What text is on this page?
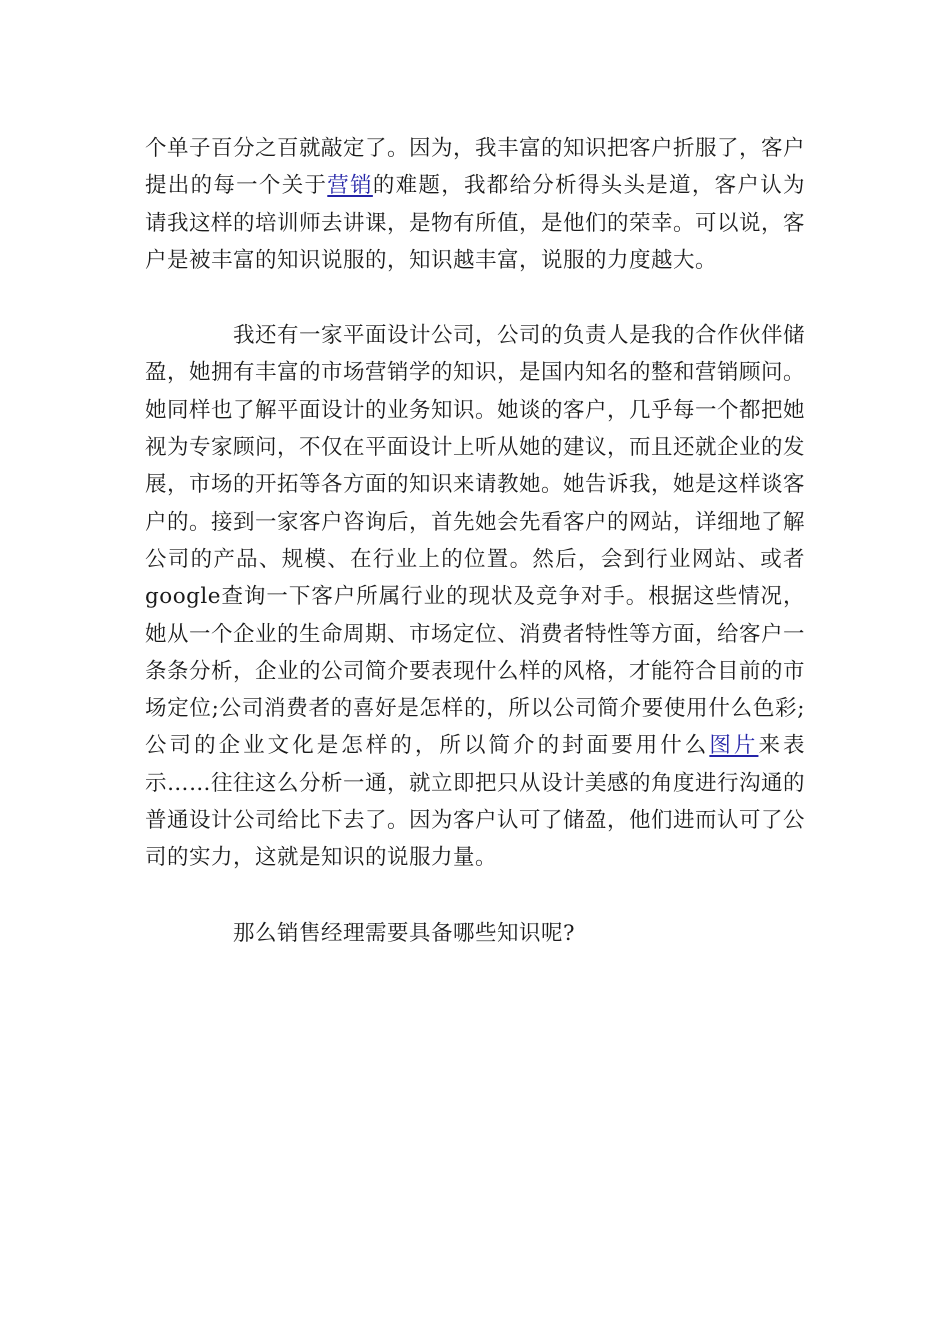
个单子百分之百就敲定了。因为，我丰富的知识把客户折服了，客户提出的每一个关于营销的难题，我都给分析得头头是道，客户认为请我这样的培训师去讲课，是物有所值，是他们的荣幸。可以说，客户是被丰富的知识说服的，知识越丰富，说服的力度越大。

我还有一家平面设计公司，公司的负责人是我的合作伙伴储盈，她拥有丰富的市场营销学的知识，是国内知名的整和营销顾问。她同样也了解平面设计的业务知识。她谈的客户，几乎每一个都把她视为专家顾问，不仅在平面设计上听从她的建议，而且还就企业的发展，市场的开拓等各方面的知识来请教她。她告诉我，她是这样谈客户的。接到一家客户咨询后，首先她会先看客户的网站，详细地了解公司的产品、规模、在行业上的位置。然后，会到行业网站、或者google查询一下客户所属行业的现状及竞争对手。根据这些情况，她从一个企业的生命周期、市场定位、消费者特性等方面，给客户一条条分析，企业的公司简介要表现什么样的风格，才能符合目前的市场定位;公司消费者的喜好是怎样的，所以公司简介要使用什么色彩;公司的企业文化是怎样的，所以简介的封面要用什么图片来表示……往往这么分析一通，就立即把只从设计美感的角度进行沟通的普通设计公司给比下去了。因为客户认可了储盈，他们进而认可了公司的实力，这就是知识的说服力量。

那么销售经理需要具备哪些知识呢?
